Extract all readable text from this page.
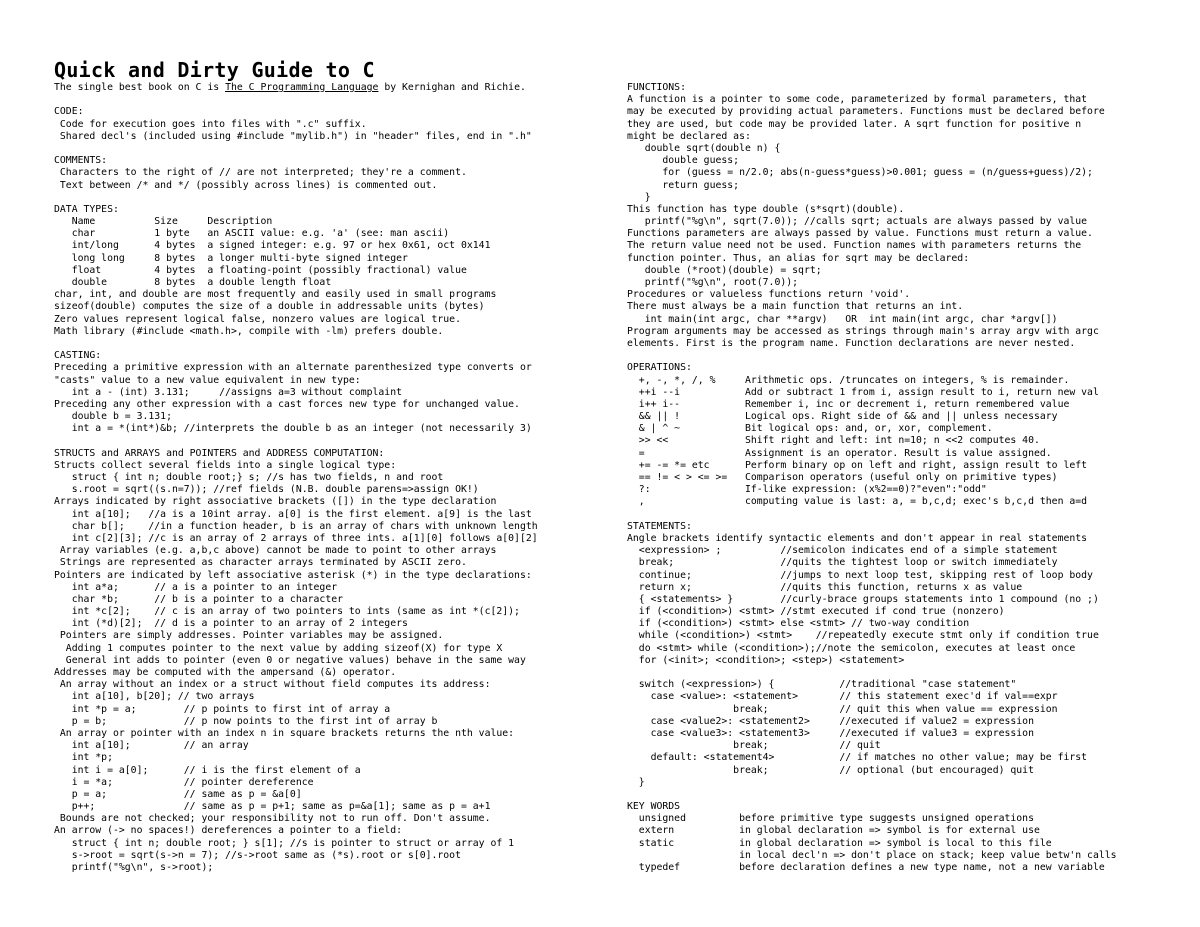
Quick and Dirty Guide to C
The single best book on C is The C Programming Language by Kernighan and Richie.
CODE:
Code for execution goes into files with ".c" suffix.
Shared decl's (included using #include "mylib.h") in "header" files, end in ".h"
COMMENTS:
Characters to the right of // are not interpreted; they're a comment.
Text between /* and */ (possibly across lines) is commented out.
DATA TYPES:
Name          Size     Description
char          1 byte   an ASCII value: e.g. 'a' (see: man ascii)
int/long      4 bytes  a signed integer: e.g. 97 or hex 0x61, oct 0x141
long long     8 bytes  a longer multi-byte signed integer
float         4 bytes  a floating-point (possibly fractional) value
double        8 bytes  a double length float
char, int, and double are most frequently and easily used in small programs
sizeof(double) computes the size of a double in addressable units (bytes)
Zero values represent logical false, nonzero values are logical true.
Math library (#include <math.h>, compile with -lm) prefers double.
CASTING:
Preceding a primitive expression with an alternate parenthesized type converts or
"casts" value to a new value equivalent in new type:
int a - (int) 3.131;     //assigns a=3 without complaint
Preceding any other expression with a cast forces new type for unchanged value.
double b = 3.131;
int a = *(int*)&b; //interprets the double b as an integer (not necessarily 3)
STRUCTS and ARRAYS and POINTERS and ADDRESS COMPUTATION:
Structs collect several fields into a single logical type:
struct { int n; double root;} s; //s has two fields, n and root
s.root = sqrt((s.n=7)); //ref fields (N.B. double parens=>assign OK!)
Arrays indicated by right associative brackets ([]) in the type declaration
int a[10];   //a is a 10int array. a[0] is the first element. a[9] is the last
char b[];    //in a function header, b is an array of chars with unknown length
int c[2][3]; //c is an array of 2 arrays of three ints. a[1][0] follows a[0][2]
Array variables (e.g. a,b,c above) cannot be made to point to other arrays
Strings are represented as character arrays terminated by ASCII zero.
Pointers are indicated by left associative asterisk (*) in the type declarations:
int a*a;      // a is a pointer to an integer
char *b;      // b is a pointer to a character
int *c[2];    // c is an array of two pointers to ints (same as int *(c[2]);
int (*d)[2];  // d is a pointer to an array of 2 integers
Pointers are simply addresses. Pointer variables may be assigned.
Adding 1 computes pointer to the next value by adding sizeof(X) for type X
General int adds to pointer (even 0 or negative values) behave in the same way
Addresses may be computed with the ampersand (&) operator.
An array without an index or a struct without field computes its address:
int a[10], b[20]; // two arrays
int *p = a;        // p points to first int of array a
p = b;             // p now points to the first int of array b
An array or pointer with an index n in square brackets returns the nth value:
int a[10];         // an array
int *p;
int i = a[0];      // i is the first element of a
i = *a;            // pointer dereference
p = a;             // same as p = &a[0]
p++;               // same as p = p+1; same as p=&a[1]; same as p = a+1
Bounds are not checked; your responsibility not to run off. Don't assume.
An arrow (-> no spaces!) dereferences a pointer to a field:
struct { int n; double root; } s[1]; //s is pointer to struct or array of 1
s->root = sqrt(s->n = 7); //s->root same as (*s).root or s[0].root
printf("%g\n", s->root);
FUNCTIONS:
A function is a pointer to some code, parameterized by formal parameters, that
may be executed by providing actual parameters. Functions must be declared before
they are used, but code may be provided later. A sqrt function for positive n
might be declared as:
double sqrt(double n) {
double guess;
for (guess = n/2.0; abs(n-guess*guess)>0.001; guess = (n/guess+guess)/2);
return guess;
}
This function has type double (s*sqrt)(double).
printf("%g\n", sqrt(7.0)); //calls sqrt; actuals are always passed by value
Functions parameters are always passed by value. Functions must return a value.
The return value need not be used. Function names with parameters returns the
function pointer. Thus, an alias for sqrt may be declared:
double (*root)(double) = sqrt;
printf("%g\n", root(7.0));
Procedures or valueless functions return 'void'.
There must always be a main function that returns an int.
int main(int argc, char **argv)   OR  int main(int argc, char *argv[])
Program arguments may be accessed as strings through main's array argv with argc
elements. First is the program name. Function declarations are never nested.
OPERATIONS:
+, -, *, /, %     Arithmetic ops. /truncates on integers, % is remainder.
++i --i           Add or subtract 1 from i, assign result to i, return new val
i++ i--           Remember i, inc or decrement i, return remembered value
&& || !           Logical ops. Right side of && and || unless necessary
& | ^ ~           Bit logical ops: and, or, xor, complement.
>> <<             Shift right and left: int n=10; n <<2 computes 40.
=                 Assignment is an operator. Result is value assigned.
+= -= *= etc      Perform binary op on left and right, assign result to left
== != < > <= >=   Comparison operators (useful only on primitive types)
?:                If-like expression: (x%2==0)?"even":"odd"
,                 computing value is last: a, = b,c,d; exec's b,c,d then a=d
STATEMENTS:
Angle brackets identify syntactic elements and don't appear in real statements
<expression> ;          //semicolon indicates end of a simple statement
break;                  //quits the tightest loop or switch immediately
continue;               //jumps to next loop test, skipping rest of loop body
return x;               //quits this function, returns x as value
{ <statements> }        //curly-brace groups statements into 1 compound (no ;)
if (<condition>) <stmt> //stmt executed if cond true (nonzero)
if (<condition>) <stmt> else <stmt> // two-way condition
while (<condition>) <stmt>    //repeatedly execute stmt only if condition true
do <stmt> while (<condition>);//note the semicolon, executes at least once
for (<init>; <condition>; <step>) <statement>
switch (<expression>) {           //traditional "case statement"
case <value>: <statement>       // this statement exec'd if val==expr
break;            // quit this when value == expression
case <value2>: <statement2>     //executed if value2 = expression
case <value3>: <statement3>     //executed if value3 = expression
break;            // quit
default: <statement4>           // if matches no other value; may be first
break;            // optional (but encouraged) quit
}
KEY WORDS
unsigned         before primitive type suggests unsigned operations
extern           in global declaration => symbol is for external use
static           in global declaration => symbol is local to this file
in local decl'n => don't place on stack; keep value betw'n calls
typedef          before declaration defines a new type name, not a new variable
